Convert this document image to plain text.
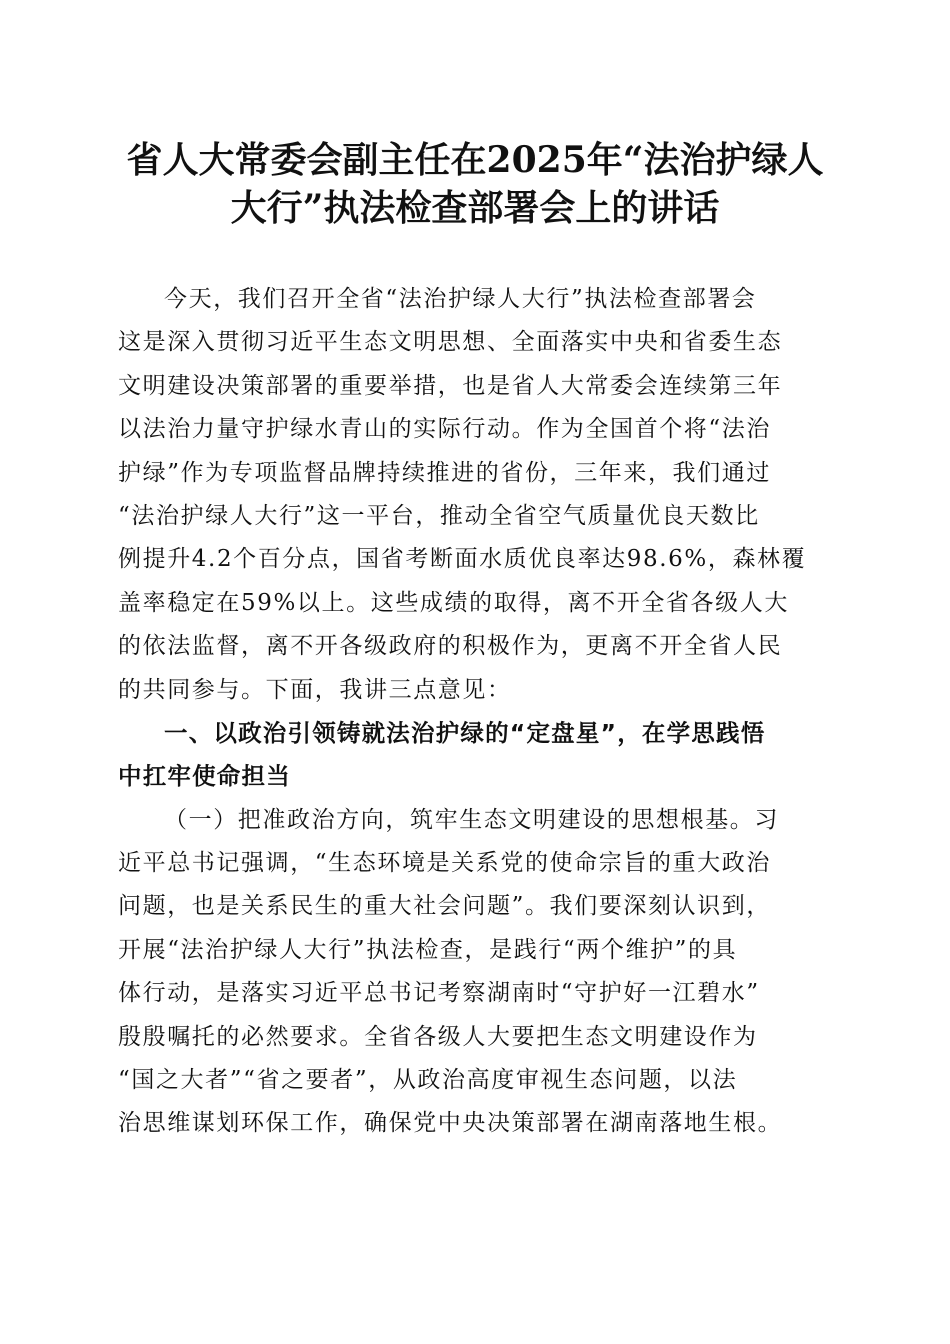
省人大常委会副主任在2025年“法治护绿人
大行”执法检查部署会上的讲话
今天，我们召开全省“法治护绿人大行”执法检查部署会
这是深入贯彻习近平生态文明思想、全面落实中央和省委生态
文明建设决策部署的重要举措，也是省人大常委会连续第三年
以法治力量守护绿水青山的实际行动。作为全国首个将“法治
护绿”作为专项监督品牌持续推进的省份，三年来，我们通过
“法治护绿人大行”这一平台，推动全省空气质量优良天数比
例提升4.2个百分点，国省考断面水质优良率达98.6%，森林覆
盖率稳定在59%以上。这些成绩的取得，离不开全省各级人大
的依法监督，离不开各级政府的积极作为，更离不开全省人民
的共同参与。下面，我讲三点意见：
一、以政治引领铸就法治护绿的“定盘星”，在学思践悟
中扛牢使命担当
（一）把准政治方向，筑牢生态文明建设的思想根基。习
近平总书记强调，“生态环境是关系党的使命宗旨的重大政治
问题，也是关系民生的重大社会问题”。我们要深刻认识到，
开展“法治护绿人大行”执法检查，是践行“两个维护”的具
体行动，是落实习近平总书记考察湖南时“守护好一江碧水”
殷殷嘱托的必然要求。全省各级人大要把生态文明建设作为
“国之大者”“省之要者”，从政治高度审视生态问题，以法
治思维谋划环保工作，确保党中央决策部署在湖南落地生根。
